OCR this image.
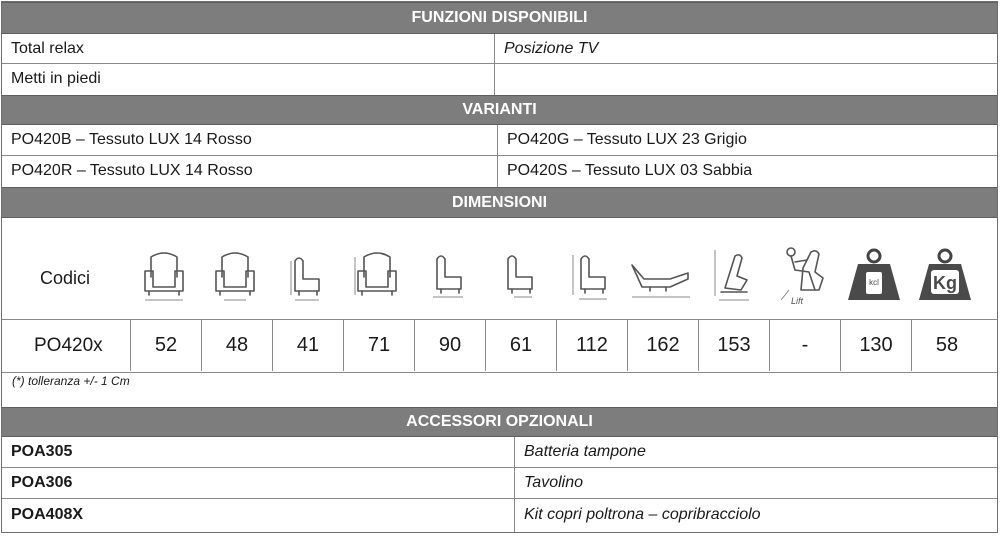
FUNZIONI DISPONIBILI
Total relax	Posizione TV
Metti in piedi
VARIANTI
PO420B – Tessuto LUX 14 Rosso	PO420G – Tessuto LUX 23 Grigio
PO420R – Tessuto LUX 14 Rosso	PO420S – Tessuto LUX 03 Sabbia
DIMENSIONI
Codici
Lift
kcl	Kg
PO420x	52	48	41	71	90	61	112	162	153	-	130	58
(*) tolleranza +/- 1 Cm
ACCESSORI OPZIONALI
POA305	Batteria tampone
POA306	Tavolino
POA408X	Kit copri poltrona – copribracciolo
